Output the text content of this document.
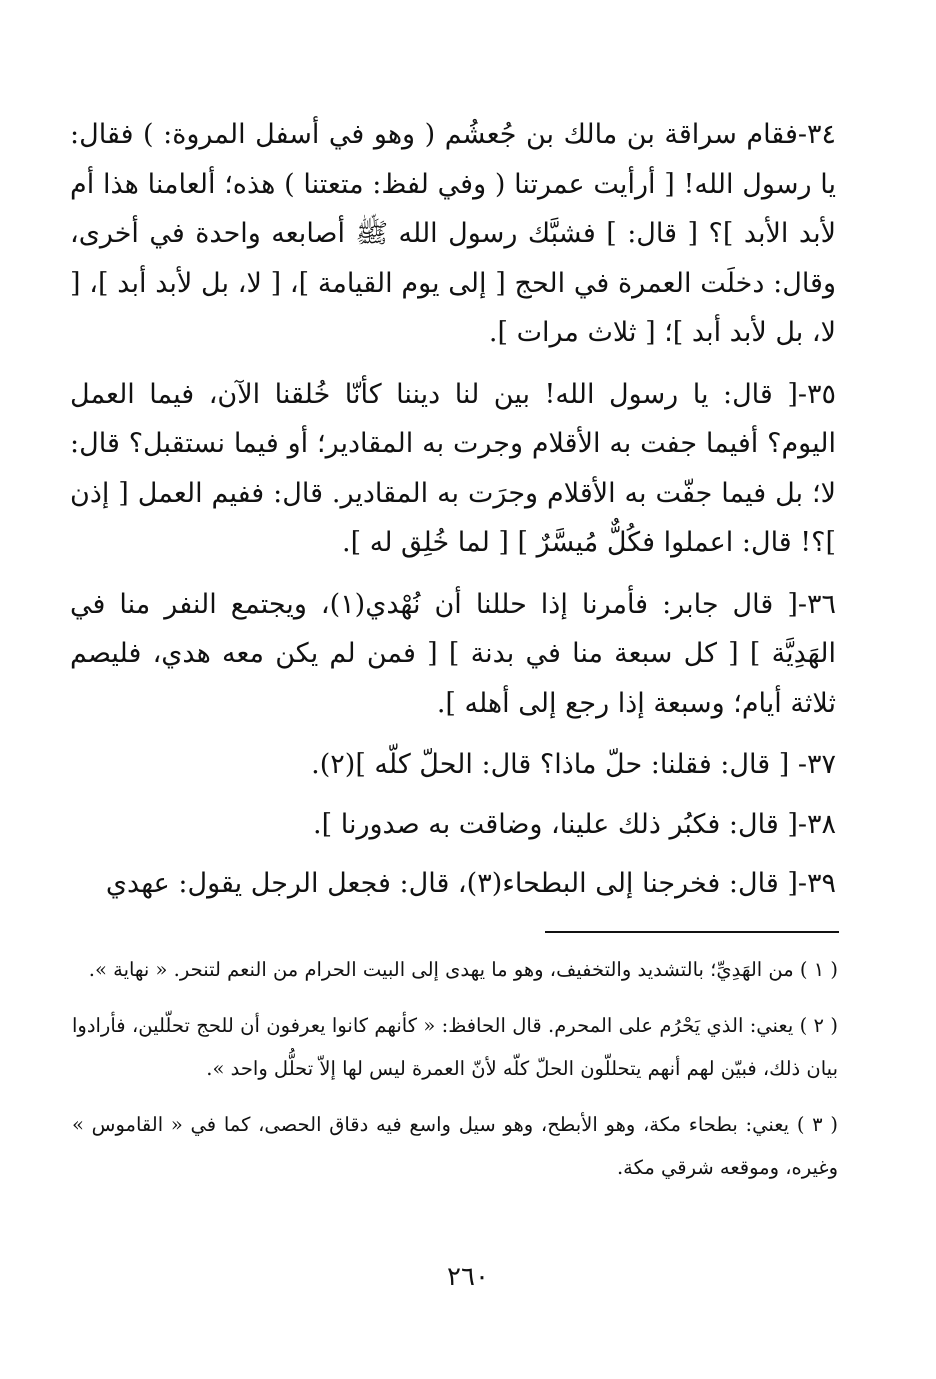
٣٤-فقام سراقة بن مالك بن جُعشُم ( وهو في أسفل المروة: ) فقال: يا رسول الله! [ أرأيت عمرتنا ( وفي لفظ: متعتنا ) هذه؛ ألعامنا هذا أم لأبد الأبد ]؟ [ قال: ] فشبَّك رسول الله ﷺ أصابعه واحدة في أخرى، وقال: دخلَت العمرة في الحج [ إلى يوم القيامة ]، [ لا، بل لأبد أبد ]، [ لا، بل لأبد أبد ]؛ [ ثلاث مرات ].

٣٥-[ قال: يا رسول الله! بين لنا ديننا كأنّا خُلقنا الآن، فيما العمل اليوم؟ أفيما جفت به الأقلام وجرت به المقادير؛ أو فيما نستقبل؟ قال: لا؛ بل فيما جفّت به الأقلام وجرَت به المقادير. قال: ففيم العمل [ إذن ]؟! قال: اعملوا فكُلٌّ مُيسَّرٌ ] [ لما خُلِق له ].

٣٦-[ قال جابر: فأمرنا إذا حللنا أن نُهْدي(١)، ويجتمع النفر منا في الهَدِيَّة ] [ كل سبعة منا في بدنة ] [ فمن لم يكن معه هدي، فليصم ثلاثة أيام؛ وسبعة إذا رجع إلى أهله ].

٣٧- [ قال: فقلنا: حلّ ماذا؟ قال: الحلّ كلّه ](٢).

٣٨-[ قال: فكبُر ذلك علينا، وضاقت به صدورنا ].

٣٩-[ قال: فخرجنا إلى البطحاء(٣)، قال: فجعل الرجل يقول: عهدي

( ١ ) من الهَدِيِّ؛ بالتشديد والتخفيف، وهو ما يهدى إلى البيت الحرام من النعم لتنحر. « نهاية ».

( ٢ ) يعني: الذي يَحْرُم على المحرم. قال الحافظ: « كأنهم كانوا يعرفون أن للحج تحلّلين، فأرادوا بيان ذلك، فبيّن لهم أنهم يتحللّون الحلّ كلّه لأنّ العمرة ليس لها إلاّ تحلُّل واحد ».

( ٣ ) يعني: بطحاء مكة، وهو الأبطح، وهو سيل واسع فيه دقاق الحصى، كما في « القاموس » وغيره، وموقعه شرقي مكة.

٢٦٠
